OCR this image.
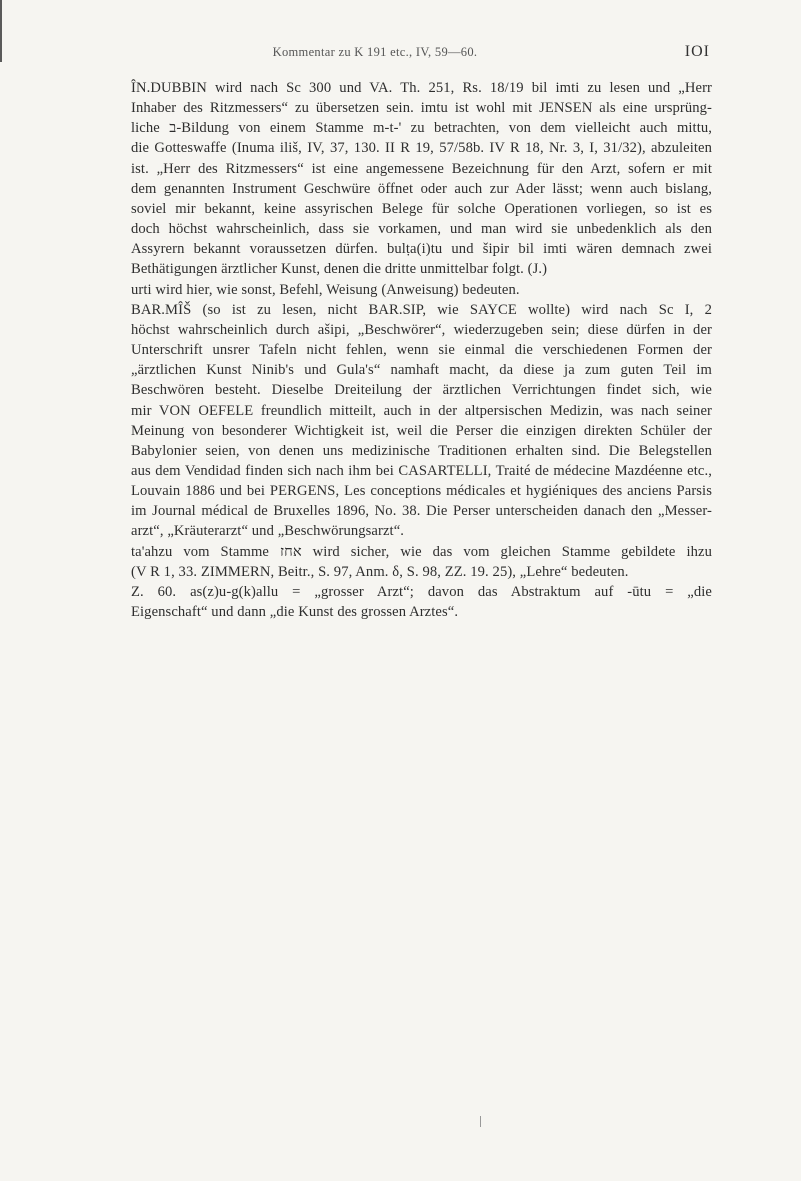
Kommentar zu K 191 etc., IV, 59—60.	IOI

ÎN.DUBBIN wird nach Sc 300 und VA. Th. 251, Rs. 18/19 bil imti zu lesen und „Herr
Inhaber des Ritzmessers“ zu übersetzen sein. imtu ist wohl mit JENSEN als eine ursprüng-
liche ב-Bildung von einem Stamme m-t-' zu betrachten, von dem vielleicht auch mittu,
die Gotteswaffe (Inuma iliš, IV, 37, 130. II R 19, 57/58b. IV R 18, Nr. 3, I, 31/32), abzuleiten
ist. „Herr des Ritzmessers“ ist eine angemessene Bezeichnung für den Arzt, sofern er mit
dem genannten Instrument Geschwüre öffnet oder auch zur Ader lässt; wenn auch bislang,
soviel mir bekannt, keine assyrischen Belege für solche Operationen vorliegen, so ist es
doch höchst wahrscheinlich, dass sie vorkamen, und man wird sie unbedenklich als den
Assyrern bekannt voraussetzen dürfen. bulṭa(i)tu und šipir bil imti wären demnach zwei
Bethätigungen ärztlicher Kunst, denen die dritte unmittelbar folgt. (J.)

urti wird hier, wie sonst, Befehl, Weisung (Anweisung) bedeuten.

BAR.MÎŠ (so ist zu lesen, nicht BAR.SIP, wie SAYCE wollte) wird nach Sc I, 2
höchst wahrscheinlich durch ašipi, „Beschwörer“, wiederzugeben sein; diese dürfen in der
Unterschrift unsrer Tafeln nicht fehlen, wenn sie einmal die verschiedenen Formen der
„ärztlichen Kunst Ninib's und Gula's“ namhaft macht, da diese ja zum guten Teil im
Beschwören besteht. Dieselbe Dreiteilung der ärztlichen Verrichtungen findet sich, wie
mir VON OEFELE freundlich mitteilt, auch in der altpersischen Medizin, was nach seiner
Meinung von besonderer Wichtigkeit ist, weil die Perser die einzigen direkten Schüler der
Babylonier seien, von denen uns medizinische Traditionen erhalten sind. Die Belegstellen
aus dem Vendidad finden sich nach ihm bei CASARTELLI, Traité de médecine Mazdéenne etc.,
Louvain 1886 und bei PERGENS, Les conceptions médicales et hygiéniques des anciens Parsis
im Journal médical de Bruxelles 1896, No. 38. Die Perser unterscheiden danach den „Messer-
arzt“, „Kräuterarzt“ und „Beschwörungsarzt“.

ta'ahzu vom Stamme אחז wird sicher, wie das vom gleichen Stamme gebildete ihzu
(V R 1, 33. ZIMMERN, Beitr., S. 97, Anm. δ, S. 98, ZZ. 19. 25), „Lehre“ bedeuten.

Z. 60. as(z)u-g(k)allu = „grosser Arzt“; davon das Abstraktum auf -ūtu = „die
Eigenschaft“ und dann „die Kunst des grossen Arztes“.
